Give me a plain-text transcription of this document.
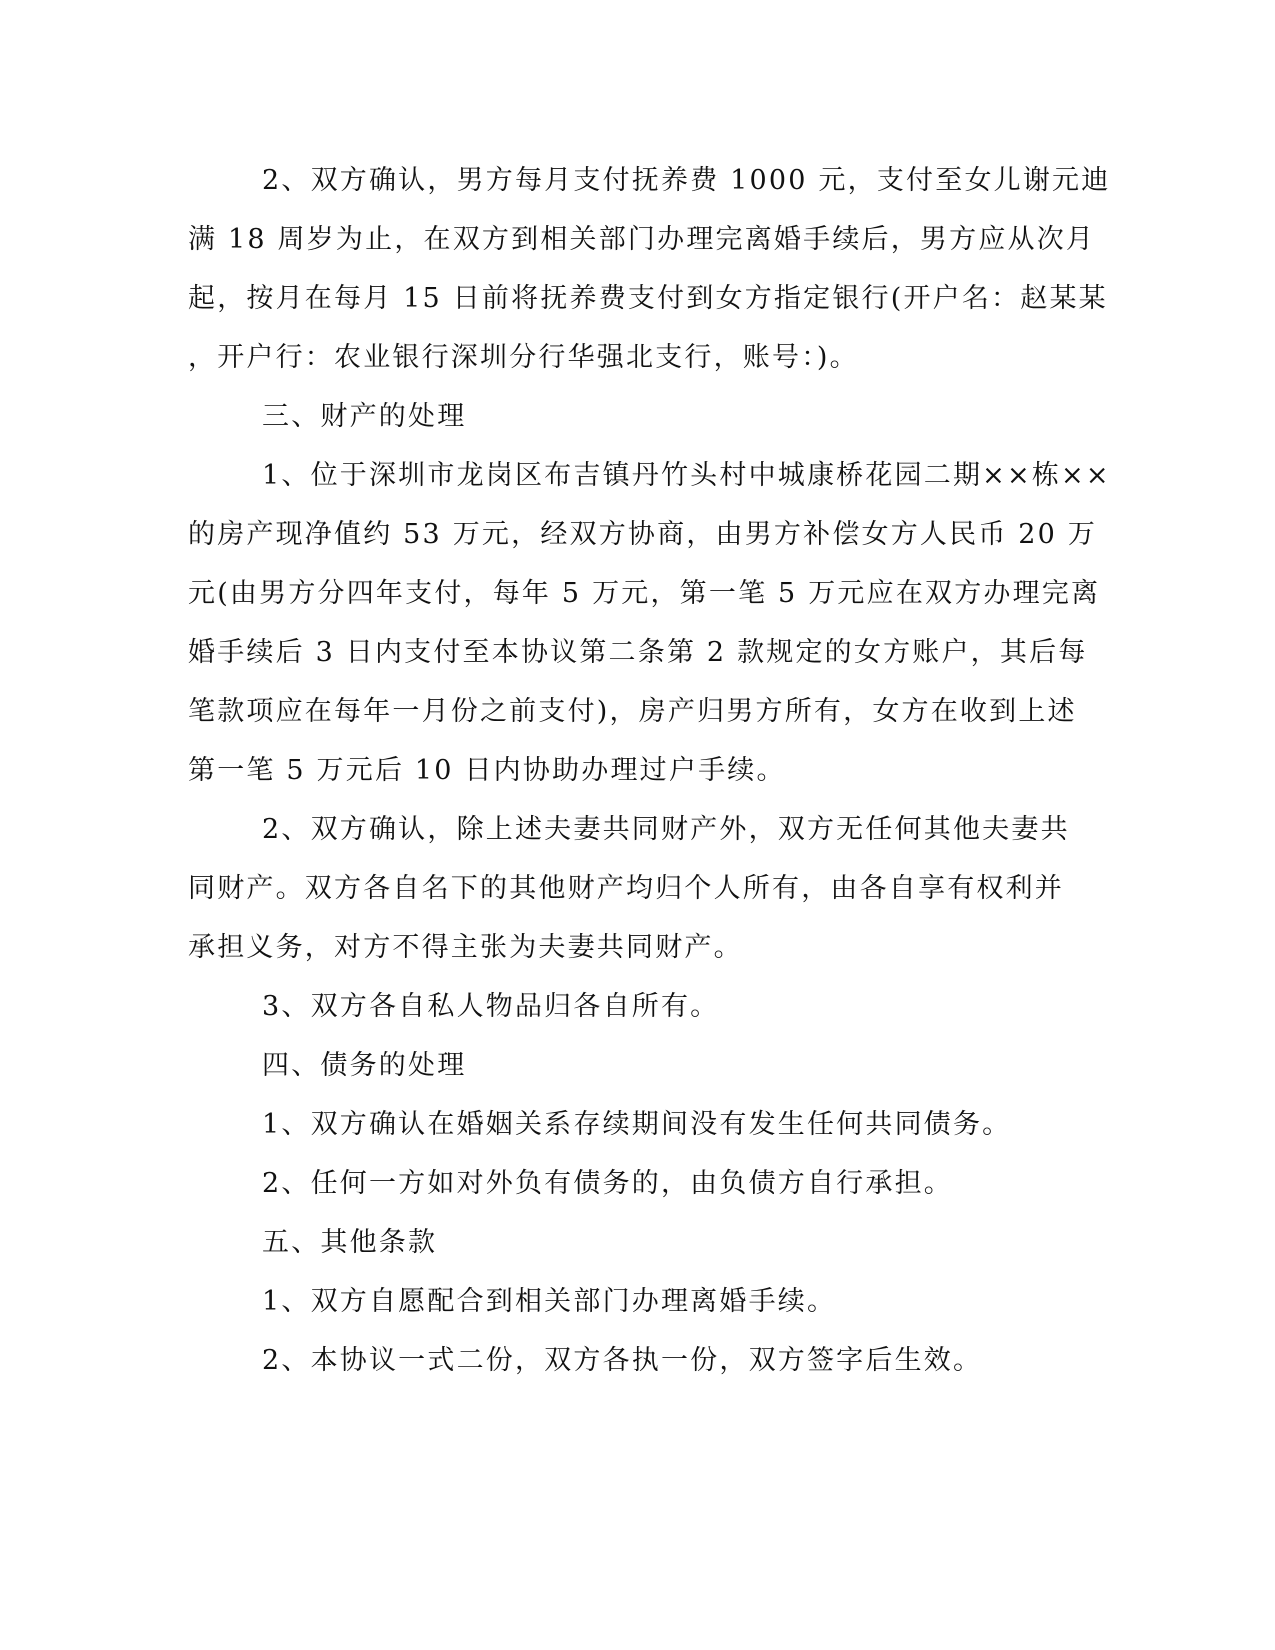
2、双方确认，男方每月支付抚养费 1000 元，支付至女儿谢元迪
满 18 周岁为止，在双方到相关部门办理完离婚手续后，男方应从次月
起，按月在每月 15 日前将抚养费支付到女方指定银行(开户名：赵某某
，开户行：农业银行深圳分行华强北支行，账号：)。
三、财产的处理
1、位于深圳市龙岗区布吉镇丹竹头村中城康桥花园二期××栋××
的房产现净值约 53 万元，经双方协商，由男方补偿女方人民币 20 万
元(由男方分四年支付，每年 5 万元，第一笔 5 万元应在双方办理完离
婚手续后 3 日内支付至本协议第二条第 2 款规定的女方账户，其后每
笔款项应在每年一月份之前支付)，房产归男方所有，女方在收到上述
第一笔 5 万元后 10 日内协助办理过户手续。
2、双方确认，除上述夫妻共同财产外，双方无任何其他夫妻共
同财产。双方各自名下的其他财产均归个人所有，由各自享有权利并
承担义务，对方不得主张为夫妻共同财产。
3、双方各自私人物品归各自所有。
四、债务的处理
1、双方确认在婚姻关系存续期间没有发生任何共同债务。
2、任何一方如对外负有债务的，由负债方自行承担。
五、其他条款
1、双方自愿配合到相关部门办理离婚手续。
2、本协议一式二份，双方各执一份，双方签字后生效。
